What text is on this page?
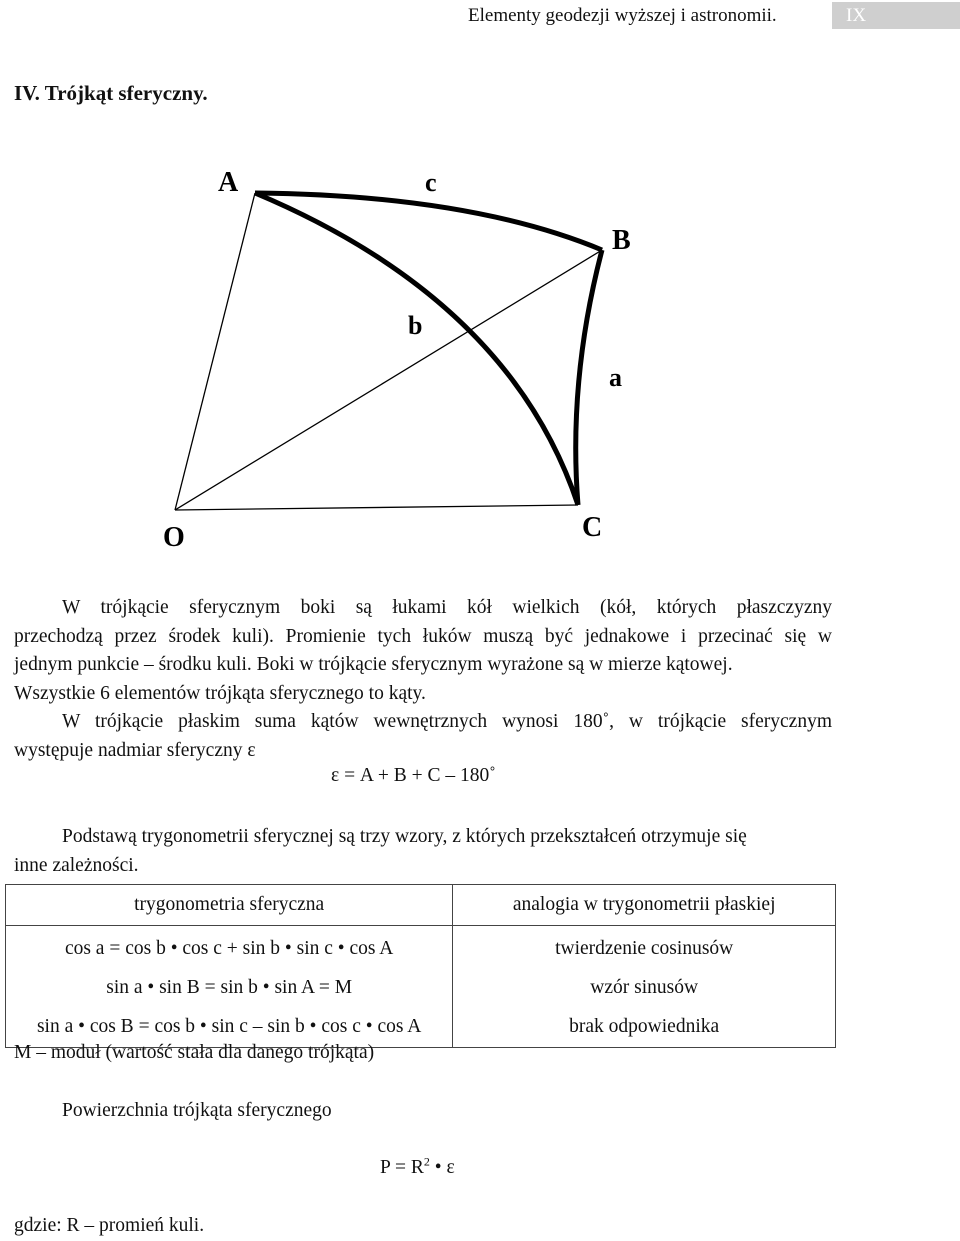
Elementy geodezji wyższej i astronomii.	IX
IV. Trójkąt sferyczny.
A	c
B
b
a
C
O
W trójkącie sferycznym boki są łukami kół wielkich (kół, których płaszczyzny
przechodzą przez środek kuli). Promienie tych łuków muszą być jednakowe i przecinać się w
jednym punkcie – środku kuli. Boki w trójkącie sferycznym wyrażone są w mierze kątowej.
Wszystkie 6 elementów trójkąta sferycznego to kąty.
W trójkącie płaskim suma kątów wewnętrznych wynosi 180˚, w trójkącie sferycznym
występuje nadmiar sferyczny ε
ε = A + B + C – 180˚
Podstawą trygonometrii sferycznej są trzy wzory, z których przekształceń otrzymuje się
inne zależności.
trygonometria sferyczna	analogia w trygonometrii płaskiej
cos a = cos b • cos c + sin b • sin c • cos A	twierdzenie cosinusów
sin a • sin B = sin b • sin A = M	wzór sinusów
sin a • cos B = cos b • sin c – sin b • cos c • cos A	brak odpowiednika
M – moduł (wartość stała dla danego trójkąta)
Powierzchnia trójkąta sferycznego
$P = R^2$ • ε
gdzie: R – promień kuli.
